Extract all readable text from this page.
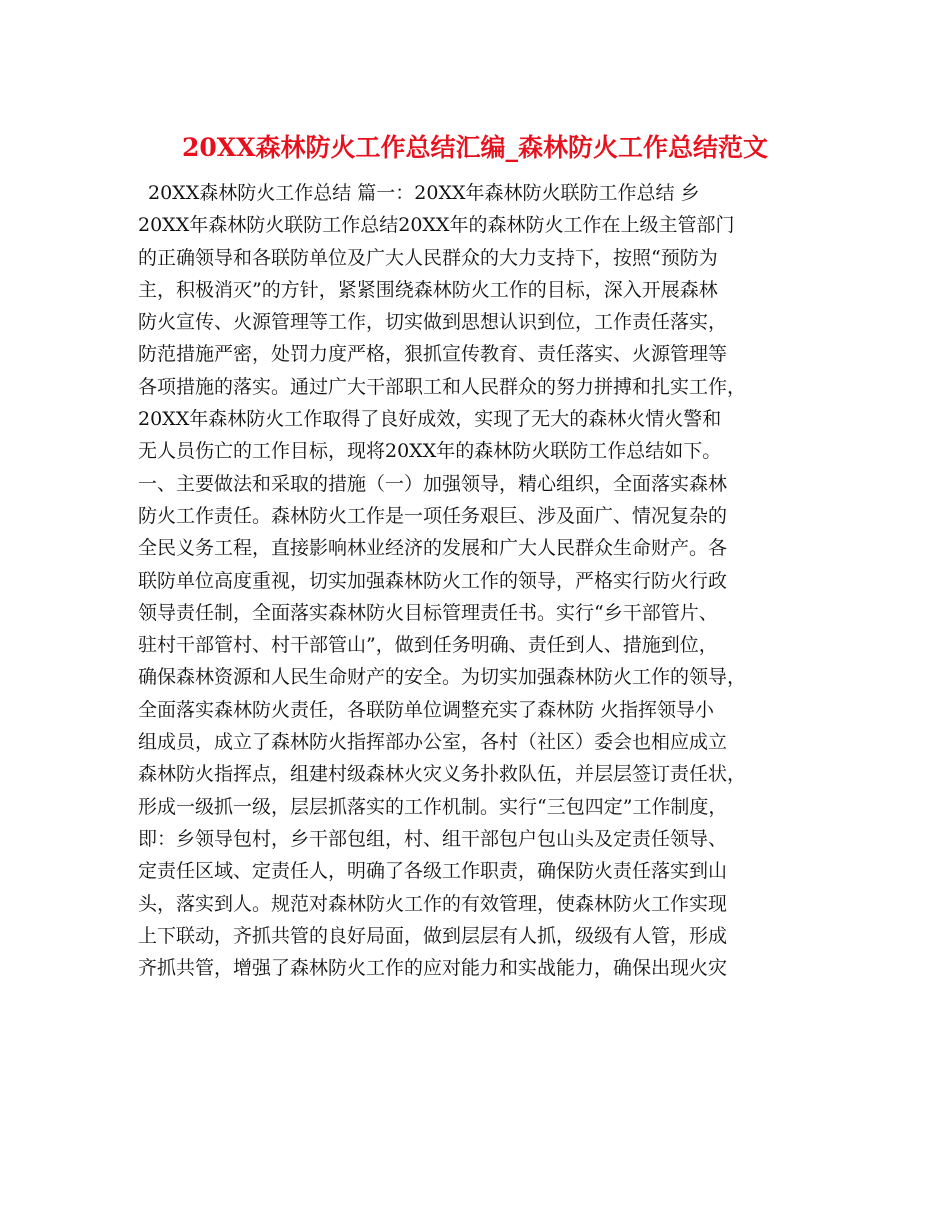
20XX森林防火工作总结汇编_森林防火工作总结范文
20XX森林防火工作总结 篇一：20XX年森林防火联防工作总结 乡
20XX年森林防火联防工作总结20XX年的森林防火工作在上级主管部门
的正确领导和各联防单位及广大人民群众的大力支持下，按照“预防为
主，积极消灭”的方针，紧紧围绕森林防火工作的目标，深入开展森林
防火宣传、火源管理等工作，切实做到思想认识到位，工作责任落实，
防范措施严密，处罚力度严格，狠抓宣传教育、责任落实、火源管理等
各项措施的落实。通过广大干部职工和人民群众的努力拼搏和扎实工作，
20XX年森林防火工作取得了良好成效，实现了无大的森林火情火警和
无人员伤亡的工作目标，现将20XX年的森林防火联防工作总结如下。
一、主要做法和采取的措施（一）加强领导，精心组织，全面落实森林
防火工作责任。森林防火工作是一项任务艰巨、涉及面广、情况复杂的
全民义务工程，直接影响林业经济的发展和广大人民群众生命财产。各
联防单位高度重视，切实加强森林防火工作的领导，严格实行防火行政
领导责任制，全面落实森林防火目标管理责任书。实行“乡干部管片、
驻村干部管村、村干部管山”，做到任务明确、责任到人、措施到位，
确保森林资源和人民生命财产的安全。为切实加强森林防火工作的领导，
全面落实森林防火责任，各联防单位调整充实了森林防 火指挥领导小
组成员，成立了森林防火指挥部办公室，各村（社区）委会也相应成立
森林防火指挥点，组建村级森林火灾义务扑救队伍，并层层签订责任状，
形成一级抓一级，层层抓落实的工作机制。实行“三包四定”工作制度，
即：乡领导包村，乡干部包组，村、组干部包户包山头及定责任领导、
定责任区域、定责任人，明确了各级工作职责，确保防火责任落实到山
头，落实到人。规范对森林防火工作的有效管理，使森林防火工作实现
上下联动，齐抓共管的良好局面，做到层层有人抓，级级有人管，形成
齐抓共管，增强了森林防火工作的应对能力和实战能力，确保出现火灾
